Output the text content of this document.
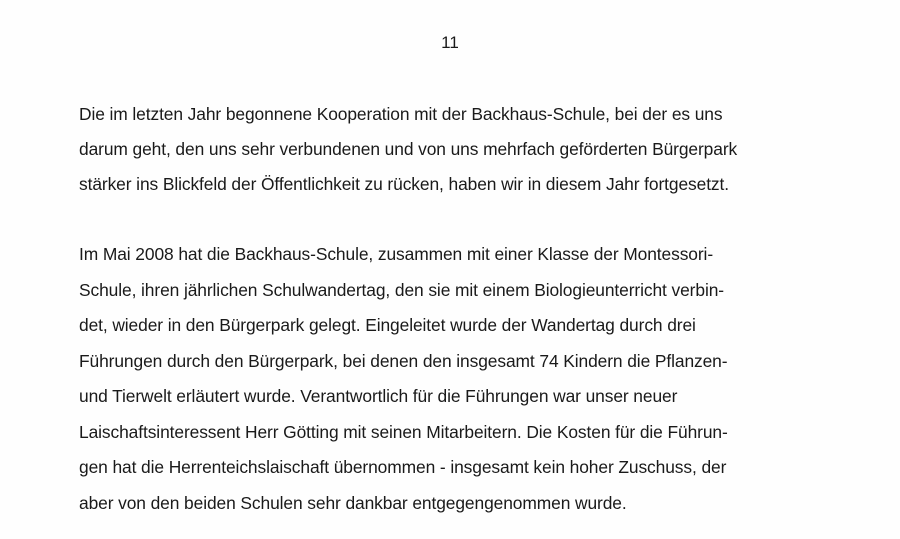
11
Die im letzten Jahr begonnene Kooperation mit der Backhaus-Schule, bei der es uns
darum geht, den uns sehr verbundenen und von uns mehrfach geförderten Bürgerpark
stärker ins Blickfeld der Öffentlichkeit zu rücken, haben wir in diesem Jahr fortgesetzt.
Im Mai 2008 hat die Backhaus-Schule, zusammen mit einer Klasse der Montessori-
Schule, ihren jährlichen Schulwandertag, den sie mit einem Biologieunterricht verbin-
det, wieder in den Bürgerpark gelegt. Eingeleitet wurde der Wandertag durch drei
Führungen durch den Bürgerpark, bei denen den insgesamt 74 Kindern die Pflanzen-
und Tierwelt erläutert wurde. Verantwortlich für die Führungen war unser neuer
Laischaftsinteressent Herr Götting mit seinen Mitarbeitern. Die Kosten für die Führun-
gen hat die Herrenteichslaischaft übernommen - insgesamt kein hoher Zuschuss, der
aber von den beiden Schulen sehr dankbar entgegengenommen wurde.
